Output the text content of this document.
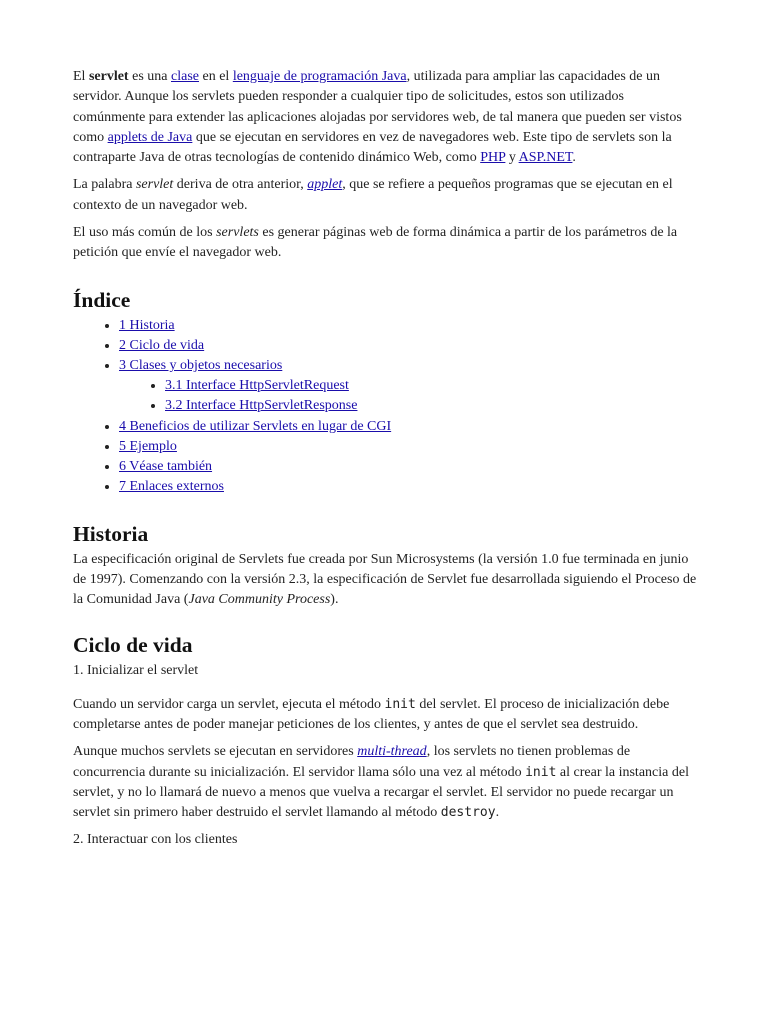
El servlet es una clase en el lenguaje de programación Java, utilizada para ampliar las capacidades de un servidor. Aunque los servlets pueden responder a cualquier tipo de solicitudes, estos son utilizados comúnmente para extender las aplicaciones alojadas por servidores web, de tal manera que pueden ser vistos como applets de Java que se ejecutan en servidores en vez de navegadores web. Este tipo de servlets son la contraparte Java de otras tecnologías de contenido dinámico Web, como PHP y ASP.NET.

La palabra servlet deriva de otra anterior, applet, que se refiere a pequeños programas que se ejecutan en el contexto de un navegador web.

El uso más común de los servlets es generar páginas web de forma dinámica a partir de los parámetros de la petición que envíe el navegador web.

Índice
• 1 Historia
• 2 Ciclo de vida
• 3 Clases y objetos necesarios
• 3.1 Interface HttpServletRequest
• 3.2 Interface HttpServletResponse
• 4 Beneficios de utilizar Servlets en lugar de CGI
• 5 Ejemplo
• 6 Véase también
• 7 Enlaces externos
Historia

La especificación original de Servlets fue creada por Sun Microsystems (la versión 1.0 fue terminada en junio de 1997). Comenzando con la versión 2.3, la especificación de Servlet fue desarrollada siguiendo el Proceso de la Comunidad Java (Java Community Process).

Ciclo de vida

1. Inicializar el servlet

Cuando un servidor carga un servlet, ejecuta el método init del servlet. El proceso de inicialización debe completarse antes de poder manejar peticiones de los clientes, y antes de que el servlet sea destruido.

Aunque muchos servlets se ejecutan en servidores multi-thread, los servlets no tienen problemas de concurrencia durante su inicialización. El servidor llama sólo una vez al método init al crear la instancia del servlet, y no lo llamará de nuevo a menos que vuelva a recargar el servlet. El servidor no puede recargar un servlet sin primero haber destruido el servlet llamando al método destroy.

2. Interactuar con los clientes
